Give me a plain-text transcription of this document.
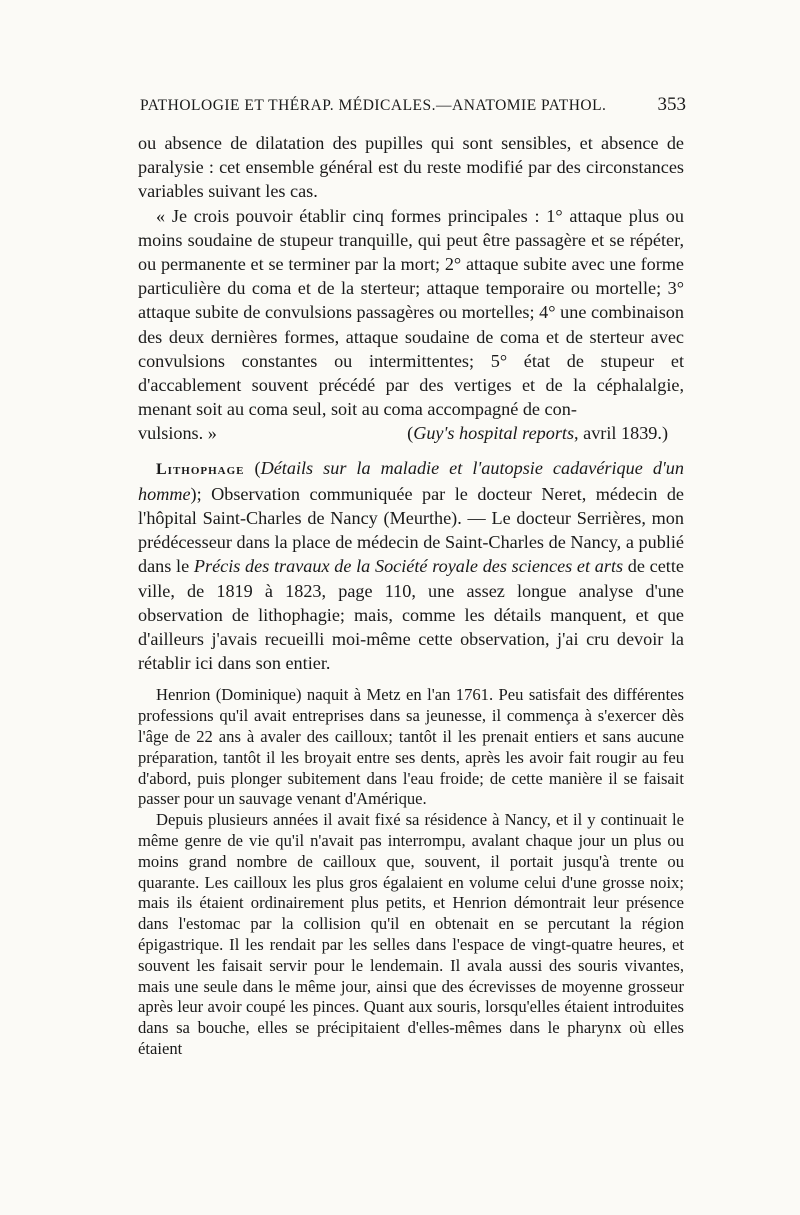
PATHOLOGIE ET THÉRAP. MÉDICALES.—ANATOMIE PATHOL.	353

ou absence de dilatation des pupilles qui sont sensibles, et absence de paralysie : cet ensemble général est du reste modifié par des circonstances variables suivant les cas.

« Je crois pouvoir établir cinq formes principales : 1° attaque plus ou moins soudaine de stupeur tranquille, qui peut être passagère et se répéter, ou permanente et se terminer par la mort; 2° attaque subite avec une forme particulière du coma et de la sterteur; attaque temporaire ou mortelle; 3° attaque subite de convulsions passagères ou mortelles; 4° une combinaison des deux dernières formes, attaque soudaine de coma et de sterteur avec convulsions constantes ou intermittentes; 5° état de stupeur et d'accablement souvent précédé par des vertiges et de la céphalalgie, menant soit au coma seul, soit au coma accompagné de con-

vulsions. »	(Guy's hospital reports, avril 1839.)

Lithophage (Détails sur la maladie et l'autopsie cadavérique d'un homme); Observation communiquée par le docteur Neret, médecin de l'hôpital Saint-Charles de Nancy (Meurthe). — Le docteur Serrières, mon prédécesseur dans la place de médecin de Saint-Charles de Nancy, a publié dans le Précis des travaux de la Société royale des sciences et arts de cette ville, de 1819 à 1823, page 110, une assez longue analyse d'une observation de lithophagie; mais, comme les détails manquent, et que d'ailleurs j'avais recueilli moi-même cette observation, j'ai cru devoir la rétablir ici dans son entier.

Henrion (Dominique) naquit à Metz en l'an 1761. Peu satisfait des différentes professions qu'il avait entreprises dans sa jeunesse, il commença à s'exercer dès l'âge de 22 ans à avaler des cailloux; tantôt il les prenait entiers et sans aucune préparation, tantôt il les broyait entre ses dents, après les avoir fait rougir au feu d'abord, puis plonger subitement dans l'eau froide; de cette manière il se faisait passer pour un sauvage venant d'Amérique.

Depuis plusieurs années il avait fixé sa résidence à Nancy, et il y continuait le même genre de vie qu'il n'avait pas interrompu, avalant chaque jour un plus ou moins grand nombre de cailloux que, souvent, il portait jusqu'à trente ou quarante. Les cailloux les plus gros égalaient en volume celui d'une grosse noix; mais ils étaient ordinairement plus petits, et Henrion démontrait leur présence dans l'estomac par la collision qu'il en obtenait en se percutant la région épigastrique. Il les rendait par les selles dans l'espace de vingt-quatre heures, et souvent les faisait servir pour le lendemain. Il avala aussi des souris vivantes, mais une seule dans le même jour, ainsi que des écrevisses de moyenne grosseur après leur avoir coupé les pinces. Quant aux souris, lorsqu'elles étaient introduites dans sa bouche, elles se précipitaient d'elles-mêmes dans le pharynx où elles étaient
